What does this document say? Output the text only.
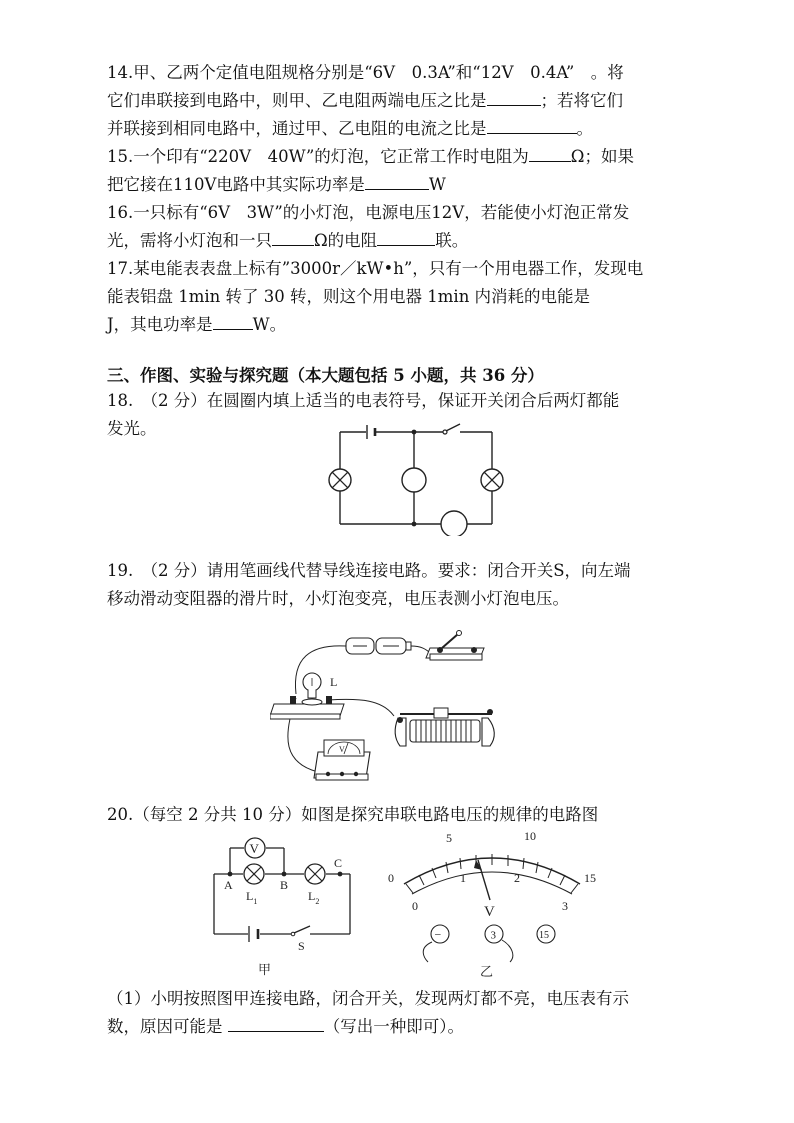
14.甲、乙两个定值电阻规格分别是“6V　0.3A”和“12V　0.4A”　。将
它们串联接到电路中，则甲、乙电阻两端电压之比是	；若将它们
并联接到相同电路中，通过甲、乙电阻的电流之比是	。
15.一个印有“220V　40W”的灯泡，它正常工作时电阻为	Ω；如果
把它接在110V电路中其实际功率是	W
16.一只标有“6V　3W”的小灯泡，电源电压12V，若能使小灯泡正常发
光，需将小灯泡和一只	Ω的电阻	联。
17.某电能表表盘上标有”3000r／kW•h”，只有一个用电器工作，发现电
能表铝盘 1min 转了 30 转，则这个用电器 1min 内消耗的电能是
J，其电功率是 W。
三、作图、实验与探究题（本大题包括 5 小题，共 36 分）
18.　（2 分）在圆圈内填上适当的电表符号，保证开关闭合后两灯都能
发光。
19.　（2 分）请用笔画线代替导线连接电路。要求：闭合开关S，向左端
移动滑动变阻器的滑片时，小灯泡变亮，电压表测小灯泡电压。
L
V
20.（每空 2 分共 10 分）如图是探究串联电路电压的规律的电路图
V
A	B
C
$L_1$	$L_2$
S
甲
0
5	10
15
0
1	2
3
V
−	3	15
乙
（1）小明按照图甲连接电路，闭合开关，发现两灯都不亮，电压表有示
数，原因可能是	（写出一种即可）。
